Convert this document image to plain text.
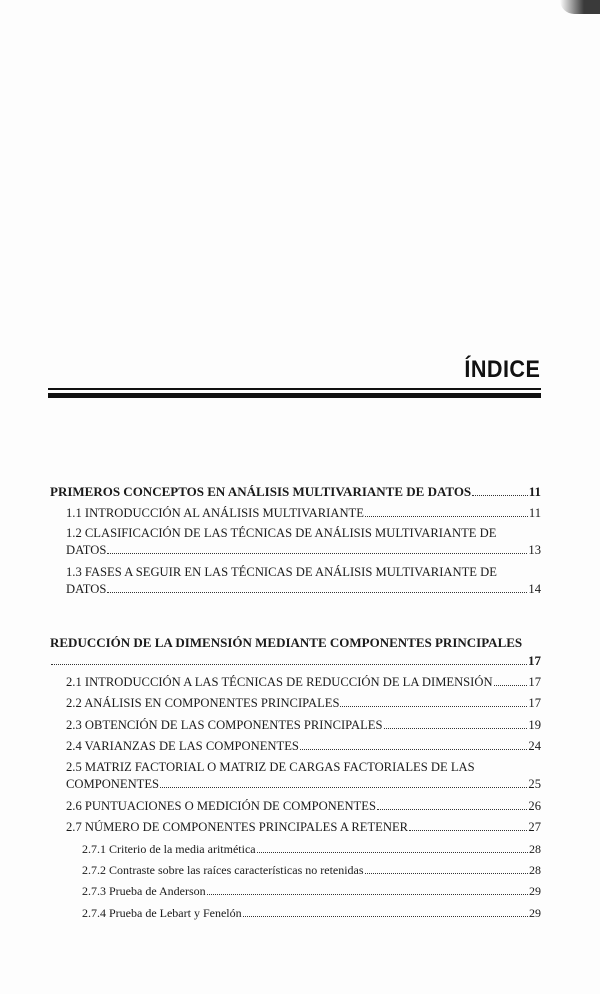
ÍNDICE
PRIMEROS CONCEPTOS EN ANÁLISIS MULTIVARIANTE DE DATOS	11
1.1 INTRODUCCIÓN AL ANÁLISIS MULTIVARIANTE	11
1.2 CLASIFICACIÓN DE LAS TÉCNICAS DE ANÁLISIS MULTIVARIANTE DE
DATOS	13
1.3 FASES A SEGUIR EN LAS TÉCNICAS DE ANÁLISIS MULTIVARIANTE DE
DATOS	14
REDUCCIÓN DE LA DIMENSIÓN MEDIANTE COMPONENTES PRINCIPALES
17
2.1 INTRODUCCIÓN A LAS TÉCNICAS DE REDUCCIÓN DE LA DIMENSIÓN	17
2.2 ANÁLISIS EN COMPONENTES PRINCIPALES	17
2.3 OBTENCIÓN DE LAS COMPONENTES PRINCIPALES	19
2.4 VARIANZAS DE LAS COMPONENTES	24
2.5 MATRIZ FACTORIAL O MATRIZ DE CARGAS FACTORIALES DE LAS
COMPONENTES	25
2.6 PUNTUACIONES O MEDICIÓN DE COMPONENTES	26
2.7 NÚMERO DE COMPONENTES PRINCIPALES A RETENER	27
2.7.1 Criterio de la media aritmética	28
2.7.2 Contraste sobre las raíces características no retenidas	28
2.7.3 Prueba de Anderson	29
2.7.4 Prueba de Lebart y Fenelón	29
